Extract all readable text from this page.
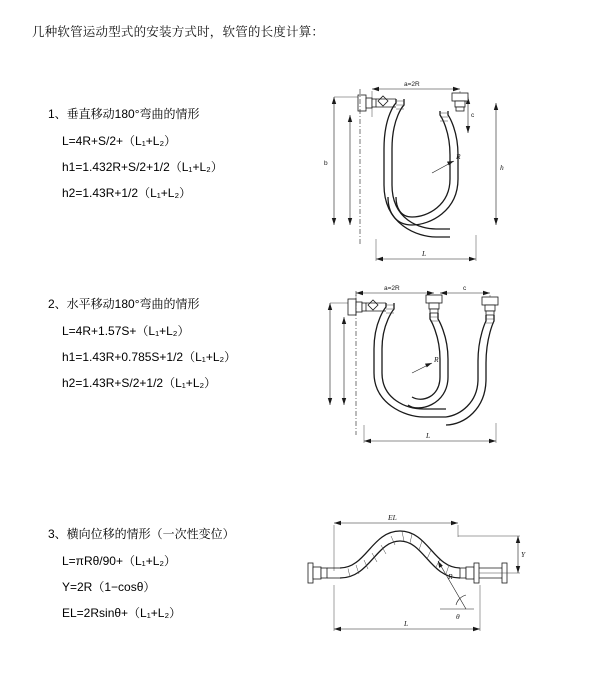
几种软管运动型式的安装方式时，软管的长度计算：

1、垂直移动180°弯曲的情形

L=4R+S/2+（L₁+L₂）

h1=1.432R+S/2+1/2（L₁+L₂）

h2=1.43R+1/2（L₁+L₂）

a=2R
c
b	h
R
L

2、水平移动180°弯曲的情形

L=4R+1.57S+（L₁+L₂）

h1=1.43R+0.785S+1/2（L₁+L₂）

h2=1.43R+S/2+1/2（L₁+L₂）

a=2R	c
R
L

3、横向位移的情形（一次性变位）

L=πRθ/90+（L₁+L₂）

Y=2R（1−cosθ）

EL=2Rsinθ+（L₁+L₂）

EL
Y
R
θ
L
